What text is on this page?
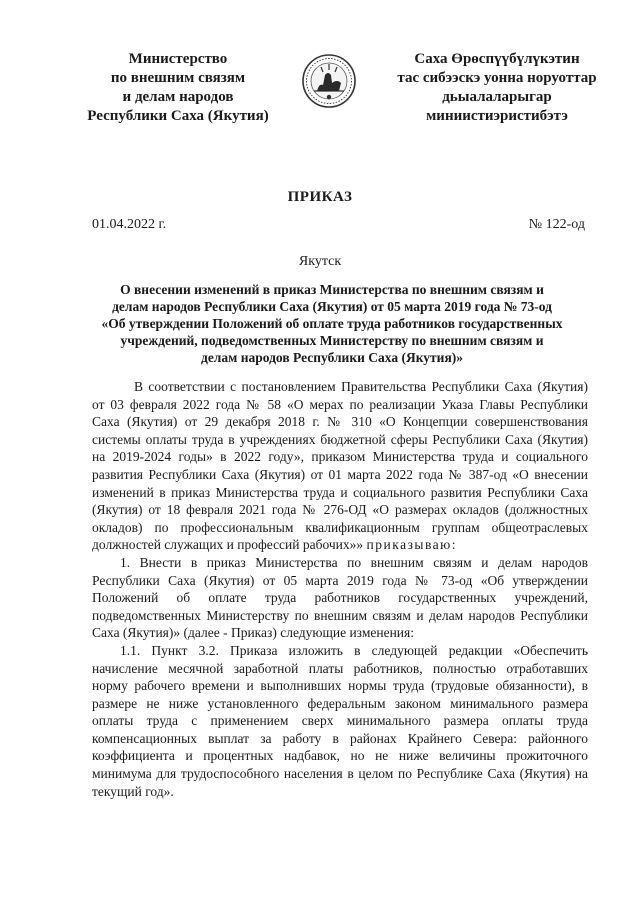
Министерство
по внешним связям
и делам народов
Республики Саха (Якутия)
Саха Өрөспүүбүлүкэтин
тас сибээскэ уонна норуоттар
дьыалаларыгар
миниистиэристибэтэ
ПРИКАЗ
01.04.2022 г.	№ 122-од
Якутск
О внесении изменений в приказ Министерства по внешним связям и
делам народов Республики Саха (Якутия) от 05 марта 2019 года № 73-од
«Об утверждении Положений об оплате труда работников государственных
учреждений, подведомственных Министерству по внешним связям и
делам народов Республики Саха (Якутия)»
В соответствии с постановлением Правительства Республики Саха (Якутия)
от 03 февраля 2022 года № 58 «О мерах по реализации Указа Главы Республики
Саха (Якутия) от 29 декабря 2018 г. № 310 «О Концепции совершенствования
системы оплаты труда в учреждениях бюджетной сферы Республики Саха (Якутия)
на 2019-2024 годы» в 2022 году», приказом Министерства труда и социального
развития Республики Саха (Якутия) от 01 марта 2022 года № 387-од «О внесении
изменений в приказ Министерства труда и социального развития Республики Саха
(Якутия) от 18 февраля 2021 года № 276-ОД «О размерах окладов (должностных
окладов) по профессиональным квалификационным группам общеотраслевых
должностей служащих и профессий рабочих»» приказываю:
1. Внести в приказ Министерства по внешним связям и делам народов
Республики Саха (Якутия) от 05 марта 2019 года № 73-од «Об утверждении
Положений об оплате труда работников государственных учреждений,
подведомственных Министерству по внешним связям и делам народов Республики
Саха (Якутия)» (далее - Приказ) следующие изменения:
1.1. Пункт 3.2. Приказа изложить в следующей редакции «Обеспечить
начисление месячной заработной платы работников, полностью отработавших
норму рабочего времени и выполнивших нормы труда (трудовые обязанности), в
размере не ниже установленного федеральным законом минимального размера
оплаты труда с применением сверх минимального размера оплаты труда
компенсационных выплат за работу в районах Крайнего Севера: районного
коэффициента и процентных надбавок, но не ниже величины прожиточного
минимума для трудоспособного населения в целом по Республике Саха (Якутия) на
текущий год».
